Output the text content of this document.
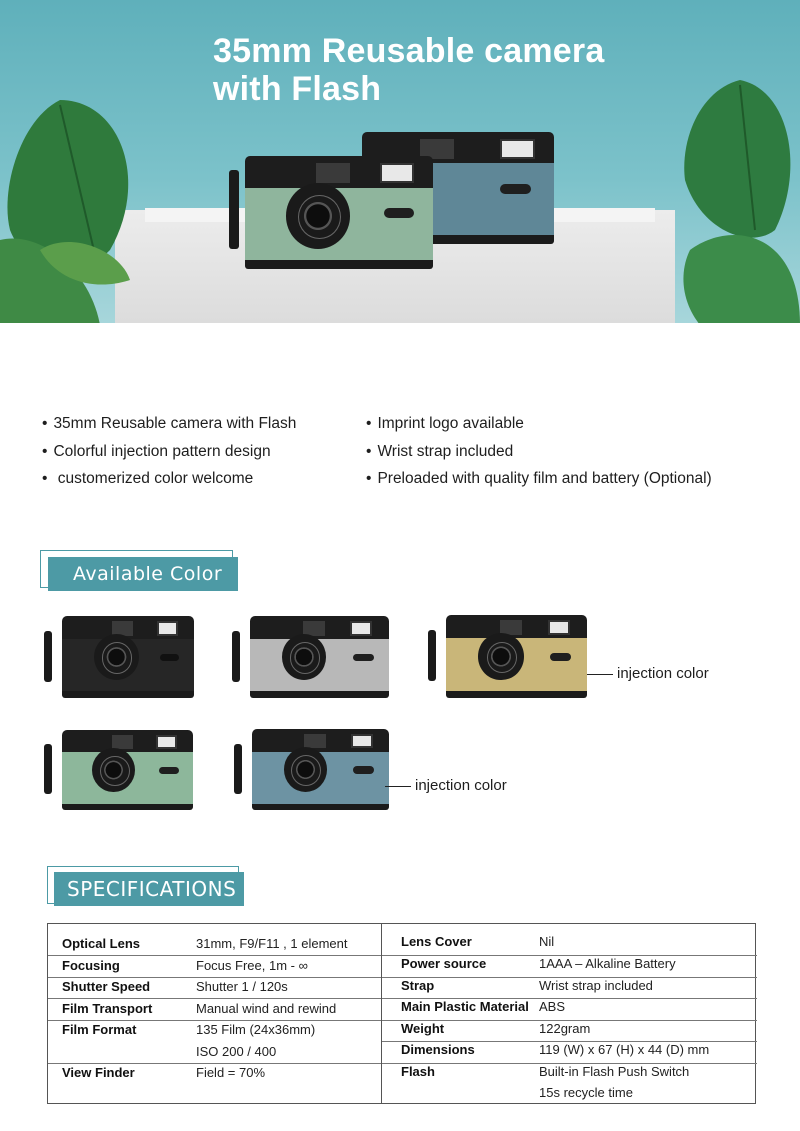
35mm Reusable camera
with Flash
• 35mm Reusable camera with Flash
• Colorful injection pattern design
•  customerized color welcome
• Imprint logo available
• Wrist strap included
• Preloaded with quality film and battery (Optional)
Available Color
injection color
injection color
SPECIFICATIONS
Optical Lens	31mm, F9/F11 , 1 element
Focusing	Focus Free, 1m - ∞
Shutter Speed	Shutter 1 / 120s
Film Transport	Manual wind and rewind
Film Format	135 Film (24x36mm)
ISO 200 / 400
View Finder	Field = 70%
Lens Cover	Nil
Power source	1AAA – Alkaline Battery
Strap	Wrist strap included
Main Plastic Material ABS
Weight	122gram
Dimensions	119 (W) x 67 (H) x 44 (D) mm
Flash	Built-in Flash Push Switch
15s recycle time
